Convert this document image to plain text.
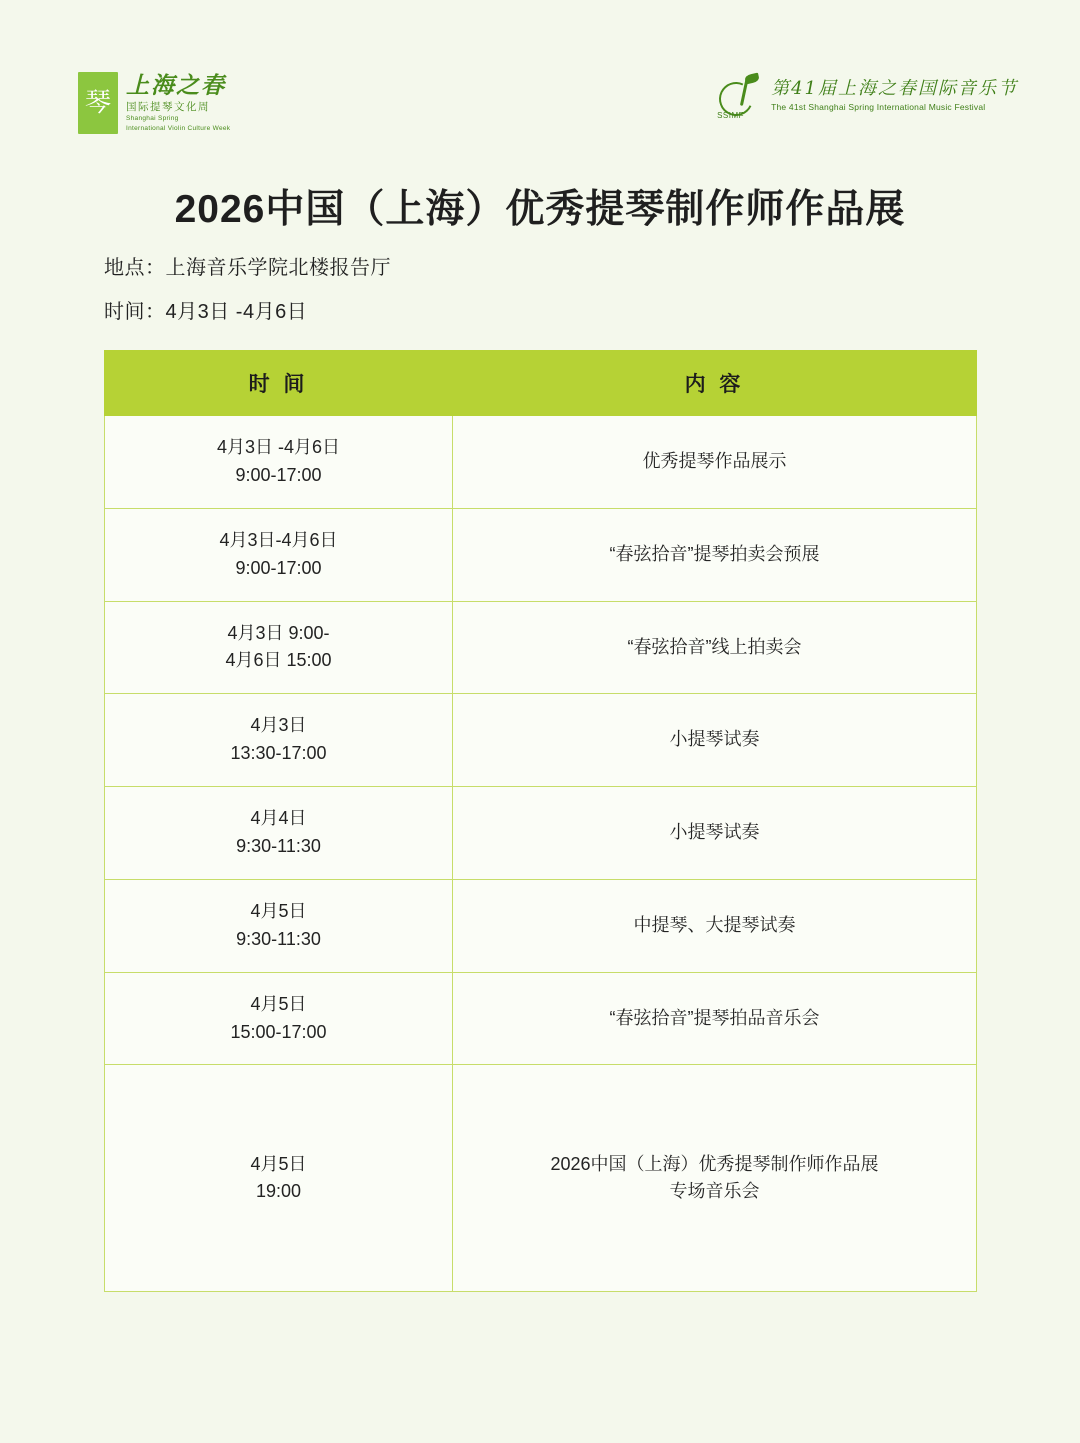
琴
上海之春
国际提琴文化周
Shanghai Spring
International Violin Culture Week
SSIMF
第41届上海之春国际音乐节
The 41st Shanghai Spring International Music Festival
2026中国（上海）优秀提琴制作师作品展
地点：上海音乐学院北楼报告厅
时间：4月3日 -4月6日
时 间	内 容

4月3日 -4月6日
9:00-17:00	优秀提琴作品展示

4月3日-4月6日
9:00-17:00	“春弦拾音”提琴拍卖会预展

4月3日 9:00-
4月6日 15:00	“春弦拾音”线上拍卖会

4月3日
13:30-17:00	小提琴试奏

4月4日
9:30-11:30	小提琴试奏

4月5日
9:30-11:30	中提琴、大提琴试奏

4月5日
15:00-17:00	“春弦拾音”提琴拍品音乐会

4月5日
19:00	2026中国（上海）优秀提琴制作师作品展
专场音乐会
